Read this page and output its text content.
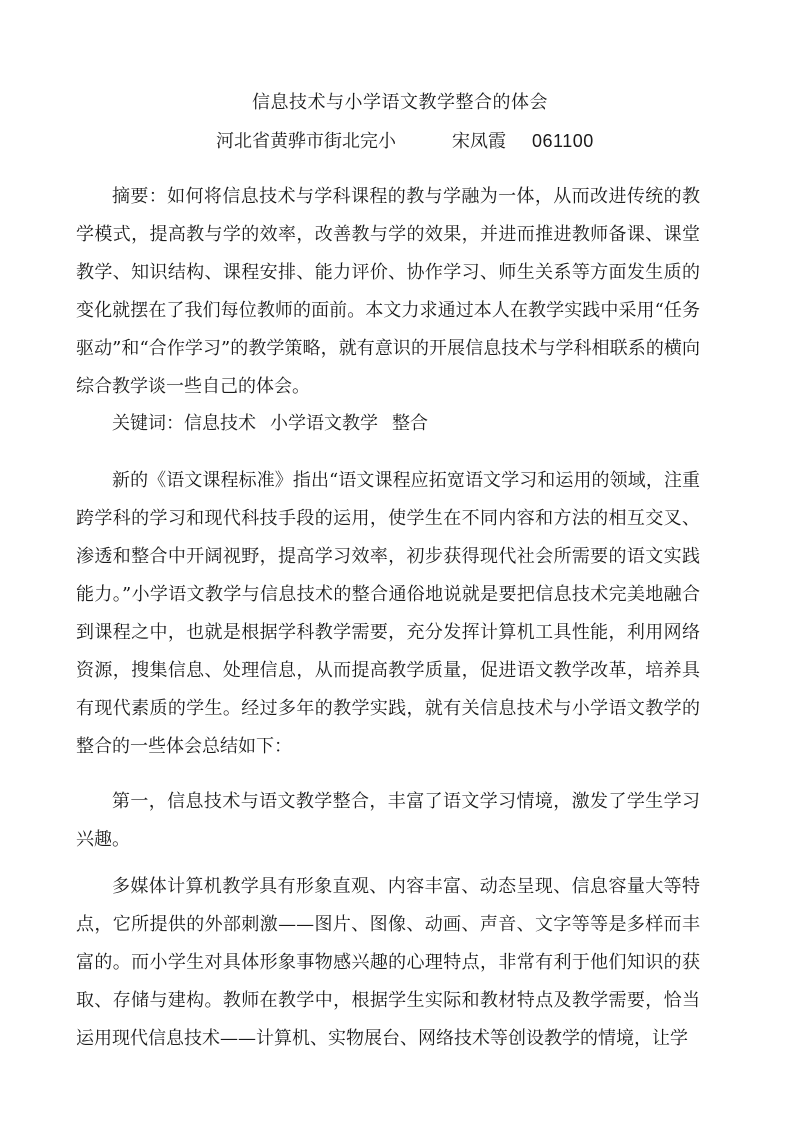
信息技术与小学语文教学整合的体会
河北省黄骅市街北完小	宋凤霞 061100

摘要：如何将信息技术与学科课程的教与学融为一体，从而改进传统的教学模式，提高教与学的效率，改善教与学的效果，并进而推进教师备课、课堂教学、知识结构、课程安排、能力评价、协作学习、师生关系等方面发生质的变化就摆在了我们每位教师的面前。本文力求通过本人在教学实践中采用“任务驱动”和“合作学习”的教学策略，就有意识的开展信息技术与学科相联系的横向综合教学谈一些自己的体会。

关键词：信息技术 小学语文教学 整合

新的《语文课程标准》指出“语文课程应拓宽语文学习和运用的领域，注重跨学科的学习和现代科技手段的运用，使学生在不同内容和方法的相互交叉、渗透和整合中开阔视野，提高学习效率，初步获得现代社会所需要的语文实践能力。”小学语文教学与信息技术的整合通俗地说就是要把信息技术完美地融合到课程之中，也就是根据学科教学需要，充分发挥计算机工具性能，利用网络资源，搜集信息、处理信息，从而提高教学质量，促进语文教学改革，培养具有现代素质的学生。经过多年的教学实践，就有关信息技术与小学语文教学的整合的一些体会总结如下：

第一，信息技术与语文教学整合，丰富了语文学习情境，激发了学生学习兴趣。

多媒体计算机教学具有形象直观、内容丰富、动态呈现、信息容量大等特点，它所提供的外部刺激——图片、图像、动画、声音、文字等等是多样而丰富的。而小学生对具体形象事物感兴趣的心理特点，非常有利于他们知识的获取、存储与建构。教师在教学中，根据学生实际和教材特点及教学需要，恰当运用现代信息技术——计算机、实物展台、网络技术等创设教学的情境，让学
